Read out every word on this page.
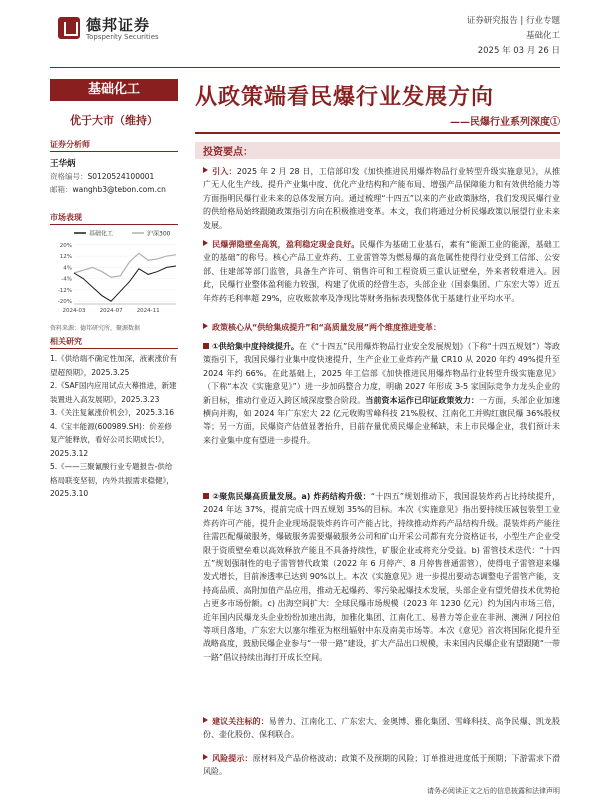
德邦证券
Topsperity Securities
证券研究报告 | 行业专题
基础化工
2025 年 03 月 26 日
基础化工
优于大市（维持）
证券分析师
王华炳
资格编号：S0120524100001
邮箱：wanghb3@tebon.com.cn
市场表现
基础化工	沪深300
20%
12%
4%
-4%
-12%
-20%
2024-03	2024-07	2024-11
资料来源：德邦研究所，聚源数据
相关研究
1.《供给端不确定性加深，液素涨价有望超预期》，2025.3.25
2.《SAF国内应用试点大幕推进，新建装置进入高发展期》，2025.3.23
3.《关注复氟涨价机会》，2025.3.16
4.《宝丰能源(600989.SH)：价差修复产能释放，看好公司长期成长!》，2025.3.12
5.《——三聚氰酸行业专题报告-供给格局联变坚韧，内外共振需求稳健》，2025.3.10
从政策端看民爆行业发展方向
——民爆行业系列深度①
投资要点：
引入：2025 年 2 月 28 日，工信部印发《加快推进民用爆炸物品行业转型升级实施意见》，从推广无人化生产线、提升产业集中度、优化产业结构和产能布局、增强产品保障能力和有效供给能力等方面指明民爆行业未来的总体发展方向。通过梳理“十四五”以来的产业政策脉络，我们发现民爆行业的供给格局始终跟随政策指引方向在积极推进变革。本文，我们将通过分析民爆政策以展望行业未来发展。
民爆弹隐壁垒高筑，盈利稳定现金良好。民爆作为基础工业基石，素有“能源工业的能源，基础工业的基础”的称号。核心产品工业炸药、工业雷管等为燃易爆的高危属性使得行业受到工信部、公安部、住建部等部门监管，具备生产许可、销售许可和工程资质三重认证壁垒，外来者较难进入。因此，民爆行业整体盈利能力较强，构建了优质的经营生态，头部企业（国泰集团、广东宏大等）近五年炸药毛利率超 29%，应收账款率及净现比等财务指标表现整体优于基建行业平均水平。
政策核心从“供给集成提升”和“高质量发展”两个维度推进变革：
①供给集中度持续提升。在《“十四五”民用爆炸物品行业安全发展规划》（下称“十四五规划”）等政策指引下，我国民爆行业集中度快速提升，生产企业工业炸药产量 CR10 从 2020 年约 49%提升至 2024 年约 66%。在此基础上，2025 年工信部《加快推进民用爆炸物品行业转型升级实施意见》（下称“本次《实施意见》”）进一步加码整合力度，明确 2027 年形成 3-5 家国际竞争力龙头企业的新目标，推动行业迈入跨区域深度整合阶段。当前资本运作已印证政策效力：一方面，头部企业加速横向并购，如 2024 年广东宏大 22 亿元收购雪峰科技 21%股权、江南化工并购红旗民爆 36%股权等；另一方面，民爆资产估值显著抬升，目前存量优质民爆企业稀缺，未上市民爆企业，我们预计未来行业集中度有望进一步提升。
②聚焦民爆高质量发展。a) 炸药结构升级：“十四五”规划推动下，我国混装炸药占比持续提升，2024 年达 37%，提前完成十四五规划 35%的目标。本次《实施意见》指出要持续压减包装型工业炸药许可产能，提升企业现场混装炸药许可产能占比，持续推动炸药产品结构升级。混装炸药产能往往需匹配爆破服务，爆破服务需要爆破服务公司和矿山开采公司都有充分资格证书，小型生产企业受限于资质壁垒难以高效释放产能且不具备持续性，矿服企业或将充分受益。b) 雷管技术迭代：“十四五”规划强制性的电子雷管替代政策（2022 年 6 月停产、8 月停售普通雷管），使得电子雷管迎来爆发式增长，目前渗透率已达到 90%以上。本次《实施意见》进一步提出要动态调整电子雷管产能，支持高品质、高附加值产品应用，推动无起爆药、零污染起爆技术发展，头部企业有望凭借技术优势抢占更多市场份额。c) 出海空间扩大：全球民爆市场规模（2023 年 1230 亿元）约为国内市场三倍，近年国内民爆龙头企业纷纷加速出海，加雅化集团、江南化工、易普力等企业在非洲、澳洲 / 阿拉伯等项目落地，广东宏大以塞尔维亚为枢纽辐射中东及南美市场等。本次《意见》首次将国际化提升至战略高度，鼓励民爆企业参与“一带一路”建设，扩大产品出口规模，未来国内民爆企业有望跟随“一带一路”倡议持续出海打开成长空间。
建议关注标的：易普力、江南化工、广东宏大、金奥博、雅化集团、雪峰科技、高争民爆、凯龙股份、壶化股份、保利联合。
风险提示：原材料及产品价格波动；政策不及预期的风险；订单推进进度低于预期；下游需求下滑风险。
请务必阅读正文之后的信息披露和法律声明
